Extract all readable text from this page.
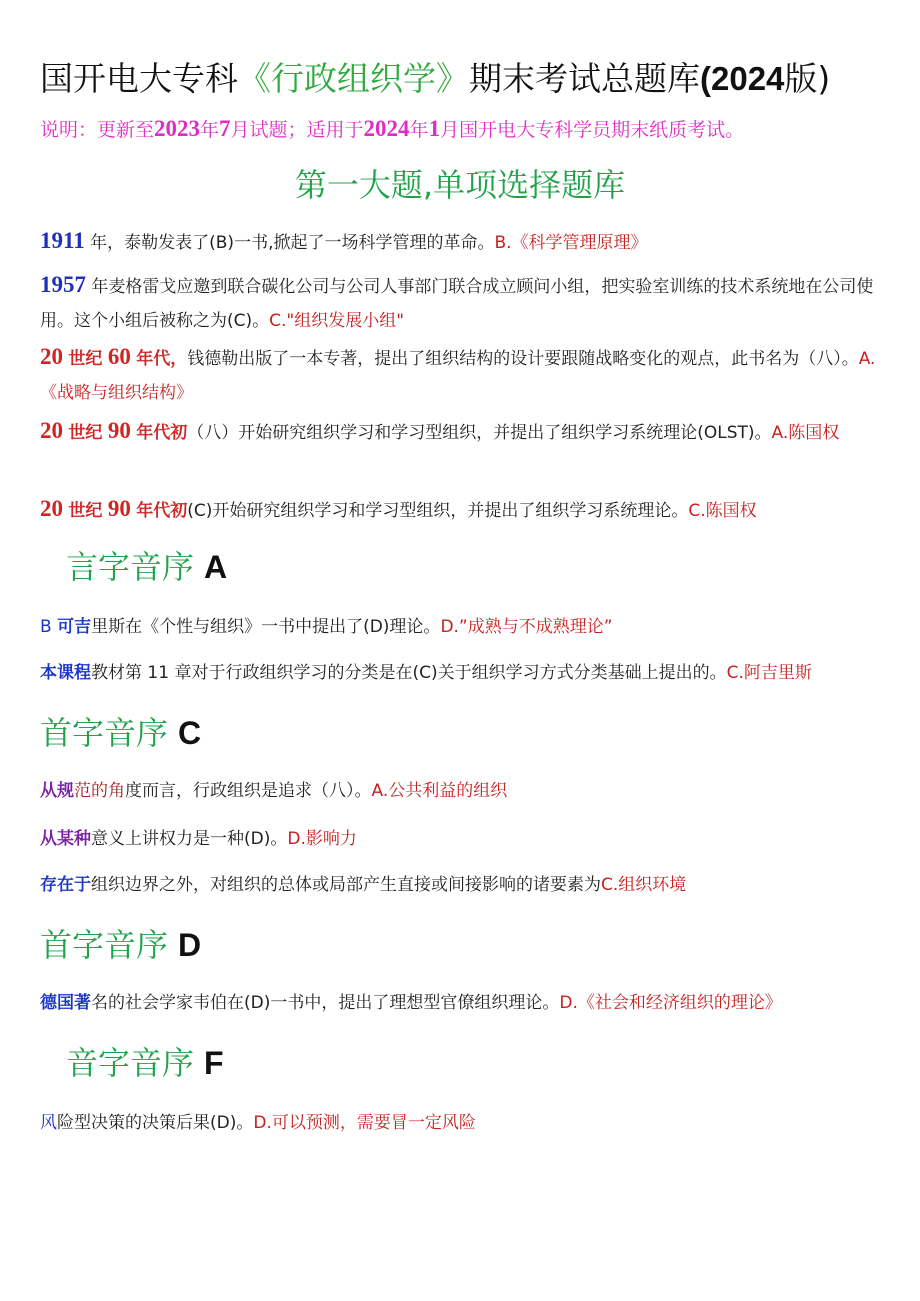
国开电大专科《行政组织学》期末考试总题库(2024版)
说明：更新至2023年7月试题；适用于2024年1月国开电大专科学员期末纸质考试。
第一大题,单项选择题库
1911 年，泰勒发表了(B)一书,掀起了一场科学管理的革命。B.《科学管理原理》
1957 年麦格雷戈应邀到联合碳化公司与公司人事部门联合成立顾问小组，把实验室训练的技术系统地在公司使用。这个小组后被称之为(C)。C."组织发展小组"
20 世纪 60 年代，钱德勒出版了一本专著，提出了组织结构的设计要跟随战略变化的观点，此书名为（八）。A.《战略与组织结构》
20 世纪 90 年代初（八）开始研究组织学习和学习型组织，并提出了组织学习系统理论(OLST)。A.陈国权
20 世纪 90 年代初(C)开始研究组织学习和学习型组织，并提出了组织学习系统理论。C.陈国权
言字音序 A
B 可吉里斯在《个性与组织》一书中提出了(D)理论。D.”成熟与不成熟理论”
本课程教材第 11 章对于行政组织学习的分类是在(C)关于组织学习方式分类基础上提出的。C.阿吉里斯
首字音序 C
从规范的角度而言，行政组织是追求（八）。A.公共利益的组织
从某种意义上讲权力是一种(D)。D.影响力
存在于组织边界之外，对组织的总体或局部产生直接或间接影响的诸要素为C.组织环境
首字音序 D
德国著名的社会学家韦伯在(D)一书中，提出了理想型官僚组织理论。D.《社会和经济组织的理论》
音字音序 F
风险型决策的决策后果(D)。D.可以预测，需要冒一定风险
